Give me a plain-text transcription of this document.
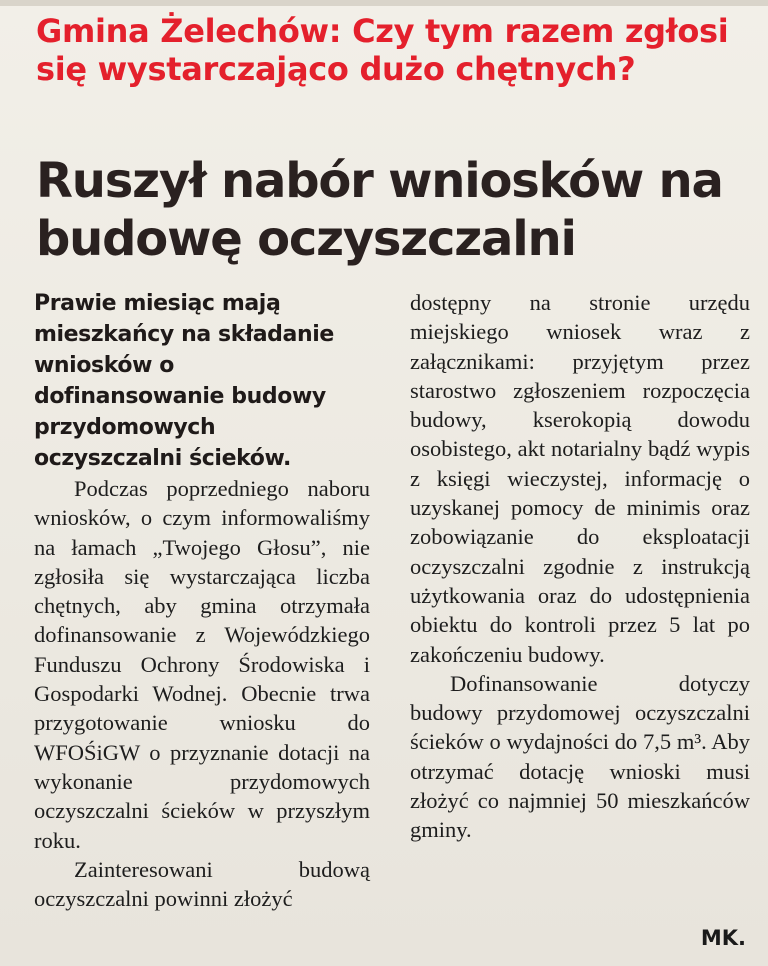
Gmina Żelechów: Czy tym razem zgłosi się wystarczająco dużo chętnych?
Ruszył nabór wniosków na budowę oczyszczalni

Prawie miesiąc mają mieszkańcy na składanie wniosków o dofinansowanie budowy przydomowych oczyszczalni ścieków.

Podczas poprzedniego naboru wniosków, o czym informowaliśmy na łamach „Twojego Głosu”, nie zgłosiła się wystarczająca liczba chętnych, aby gmina otrzymała dofinansowanie z Wojewódzkiego Funduszu Ochrony Środowiska i Gospodarki Wodnej. Obecnie trwa przygotowanie wniosku do WFOŚiGW o przyznanie dotacji na wykonanie przydomowych oczyszczalni ścieków w przyszłym roku.

Zainteresowani budową oczyszczalni powinni złożyć

dostępny na stronie urzędu miejskiego wniosek wraz z załącznikami: przyjętym przez starostwo zgłoszeniem rozpoczęcia budowy, kserokopią dowodu osobistego, akt notarialny bądź wypis z księgi wieczystej, informację o uzyskanej pomocy de minimis oraz zobowiązanie do eksploatacji oczyszczalni zgodnie z instrukcją użytkowania oraz do udostępnienia obiektu do kontroli przez 5 lat po zakończeniu budowy.

Dofinansowanie dotyczy budowy przydomowej oczyszczalni ścieków o wydajności do 7,5 m³. Aby otrzymać dotację wnioski musi złożyć co najmniej 50 mieszkańców gminy.

MK.
